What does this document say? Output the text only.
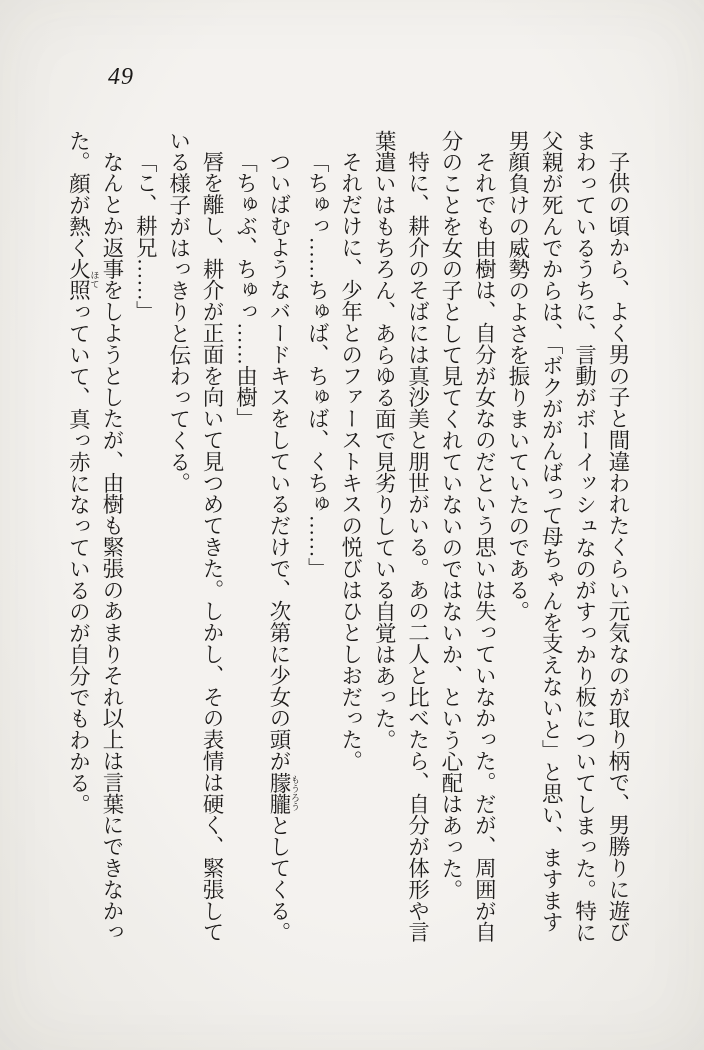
49

子供の頃から、よく男の子と間違われたくらい元気なのが取り柄で、男勝りに遊びまわっているうちに、言動がボーイッシュなのがすっかり板についてしまった。特に父親が死んでからは、「ボクががんばって母ちゃんを支えないと」と思い、ますます男顔負けの威勢のよさを振りまいていたのである。

それでも由樹は、自分が女なのだという思いは失っていなかった。だが、周囲が自分のことを女の子として見てくれていないのではないか、という心配はあった。

特に、耕介のそばには真沙美と朋世がいる。あの二人と比べたら、自分が体形や言葉遣いはもちろん、あらゆる面で見劣りしている自覚はあった。

それだけに、少年とのファーストキスの悦びはひとしおだった。

「ちゅっ……ちゅば、ちゅば、くちゅ……」

ついばむようなバードキスをしているだけで、次第に少女の頭が朦朧 もうろうとしてくる。

「ちゅぶ、ちゅっ……由樹」

唇を離し、耕介が正面を向いて見つめてきた。しかし、その表情は硬く、緊張している様子がはっきりと伝わってくる。

「こ、耕兄……」

なんとか返事をしようとしたが、由樹も緊張のあまりそれ以上は言葉にできなかった。顔が熱く火照 ほてっていて、真っ赤になっているのが自分でもわかる。
